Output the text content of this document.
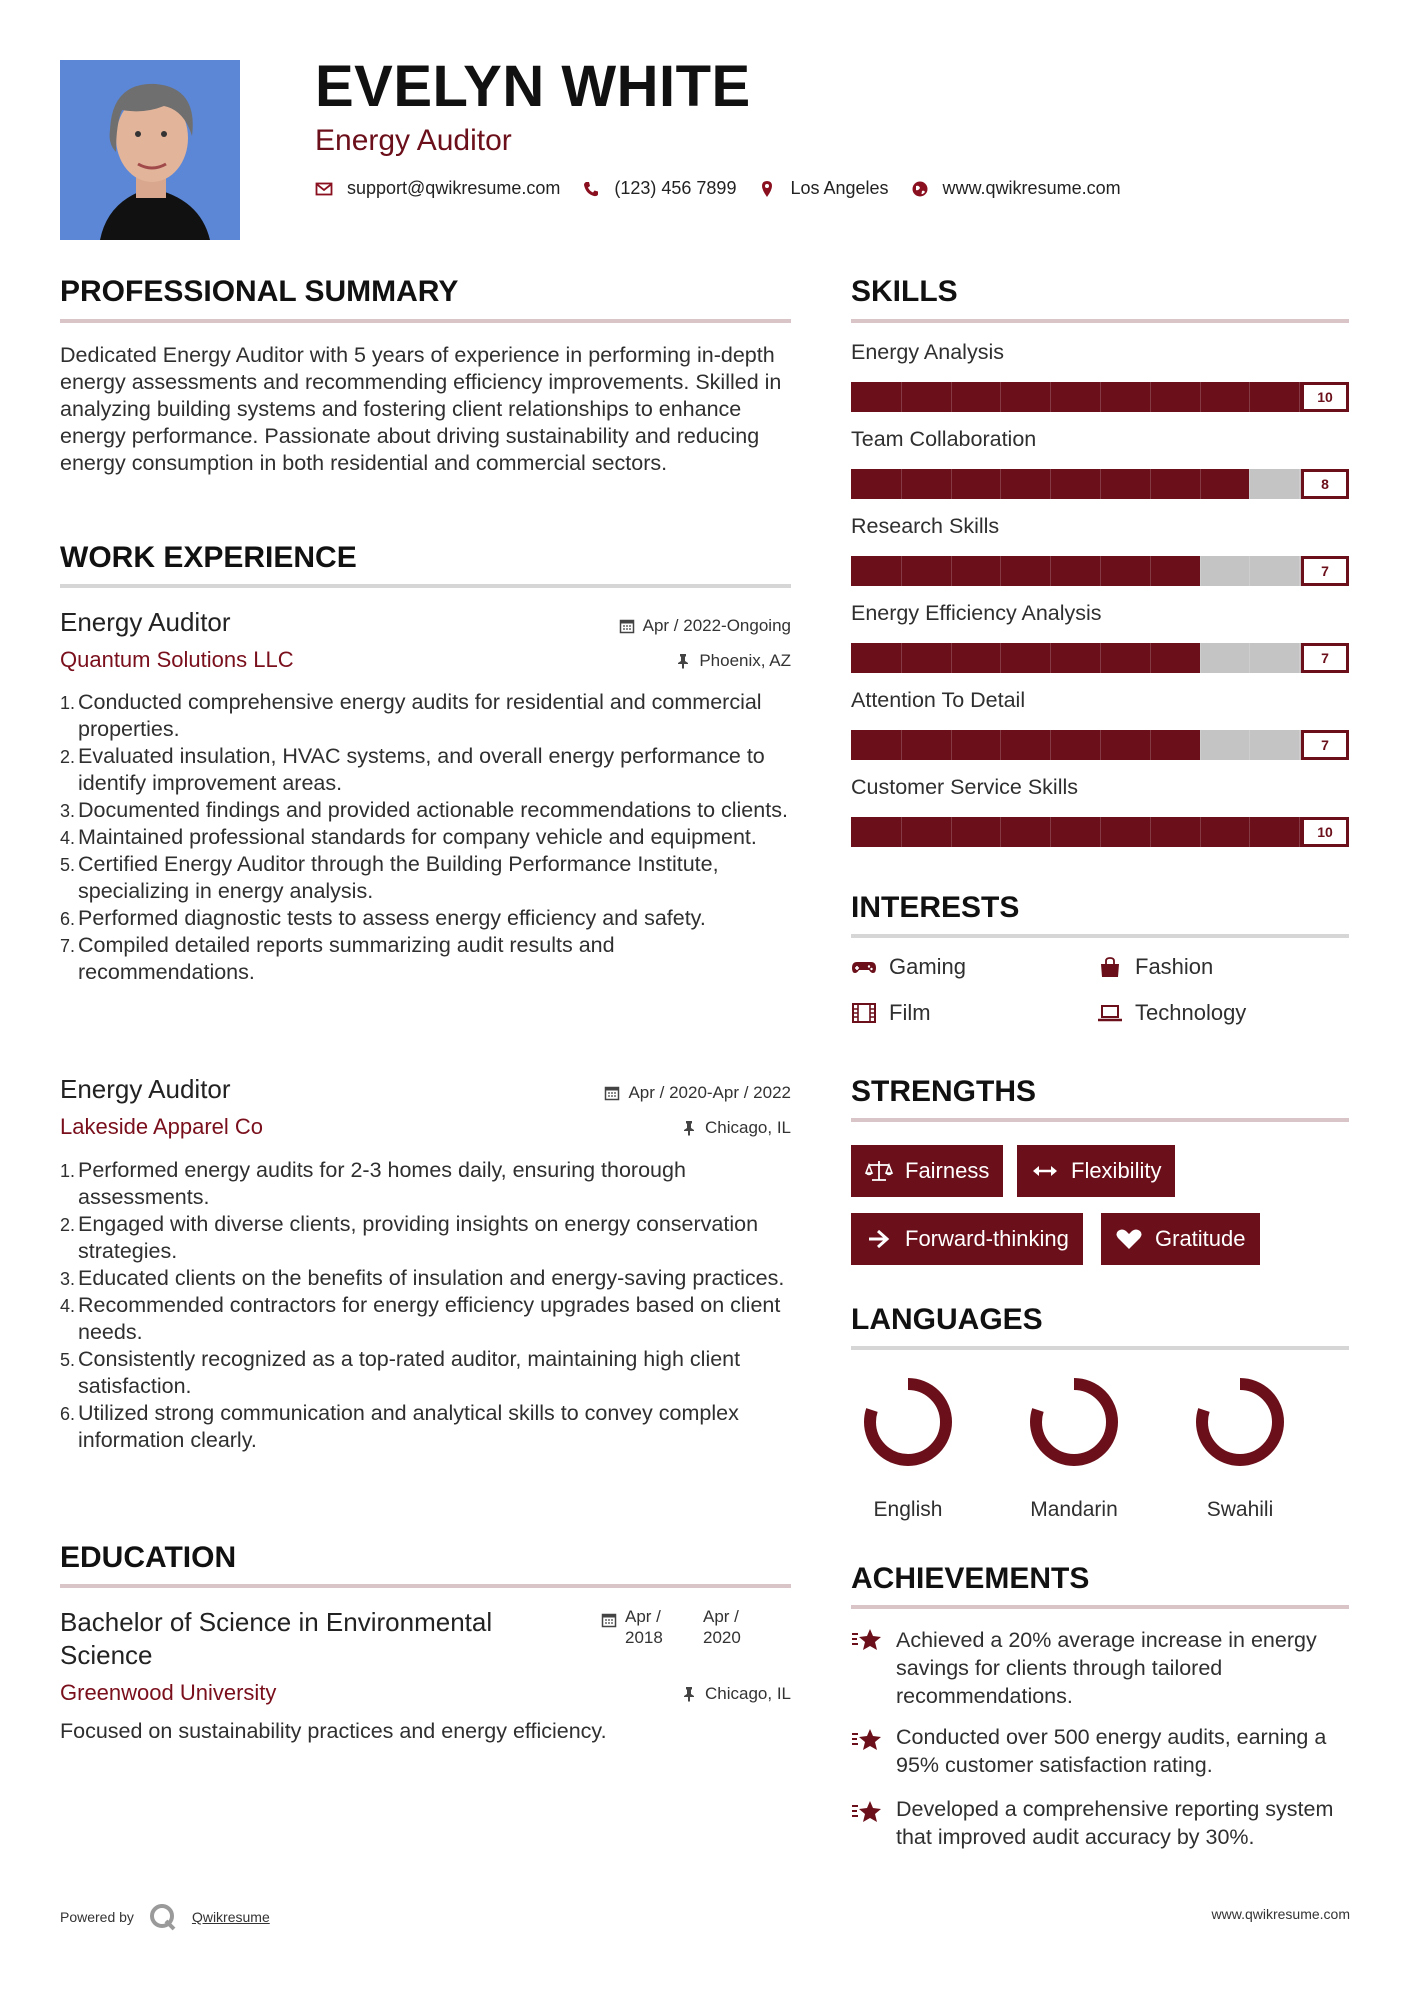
EVELYN WHITE
Energy Auditor
support@qwikresume.com	(123) 456 7899	Los Angeles	www.qwikresume.com
PROFESSIONAL SUMMARY
Dedicated Energy Auditor with 5 years of experience in performing in-depth energy assessments and recommending efficiency improvements. Skilled in analyzing building systems and fostering client relationships to enhance energy performance. Passionate about driving sustainability and reducing energy consumption in both residential and commercial sectors.
WORK EXPERIENCE
Energy Auditor	Apr / 2022-Ongoing
Quantum Solutions LLC	Phoenix, AZ
Conducted comprehensive energy audits for residential and commercial properties.
Evaluated insulation, HVAC systems, and overall energy performance to identify improvement areas.
Documented findings and provided actionable recommendations to clients.
Maintained professional standards for company vehicle and equipment.
Certified Energy Auditor through the Building Performance Institute, specializing in energy analysis.
Performed diagnostic tests to assess energy efficiency and safety.
Compiled detailed reports summarizing audit results and recommendations.
Energy Auditor	Apr / 2020-Apr / 2022
Lakeside Apparel Co	Chicago, IL
Performed energy audits for 2-3 homes daily, ensuring thorough assessments.
Engaged with diverse clients, providing insights on energy conservation strategies.
Educated clients on the benefits of insulation and energy-saving practices.
Recommended contractors for energy efficiency upgrades based on client needs.
Consistently recognized as a top-rated auditor, maintaining high client satisfaction.
Utilized strong communication and analytical skills to convey complex information clearly.
EDUCATION
Bachelor of Science in Environmental Science
Apr / 2018
Apr / 2020
Greenwood University	Chicago, IL
Focused on sustainability practices and energy efficiency.
SKILLS
Energy Analysis
10
Team Collaboration
8
Research Skills
7
Energy Efficiency Analysis
7
Attention To Detail
7
Customer Service Skills
10
INTERESTS
Gaming	Fashion
Film	Technology
STRENGTHS
Fairness	Flexibility
Forward-thinking	Gratitude
LANGUAGES
English	Mandarin	Swahili
ACHIEVEMENTS
Achieved a 20% average increase in energy savings for clients through tailored recommendations.
Conducted over 500 energy audits, earning a 95% customer satisfaction rating.
Developed a comprehensive reporting system that improved audit accuracy by 30%.
Powered by	Qwikresume	www.qwikresume.com
